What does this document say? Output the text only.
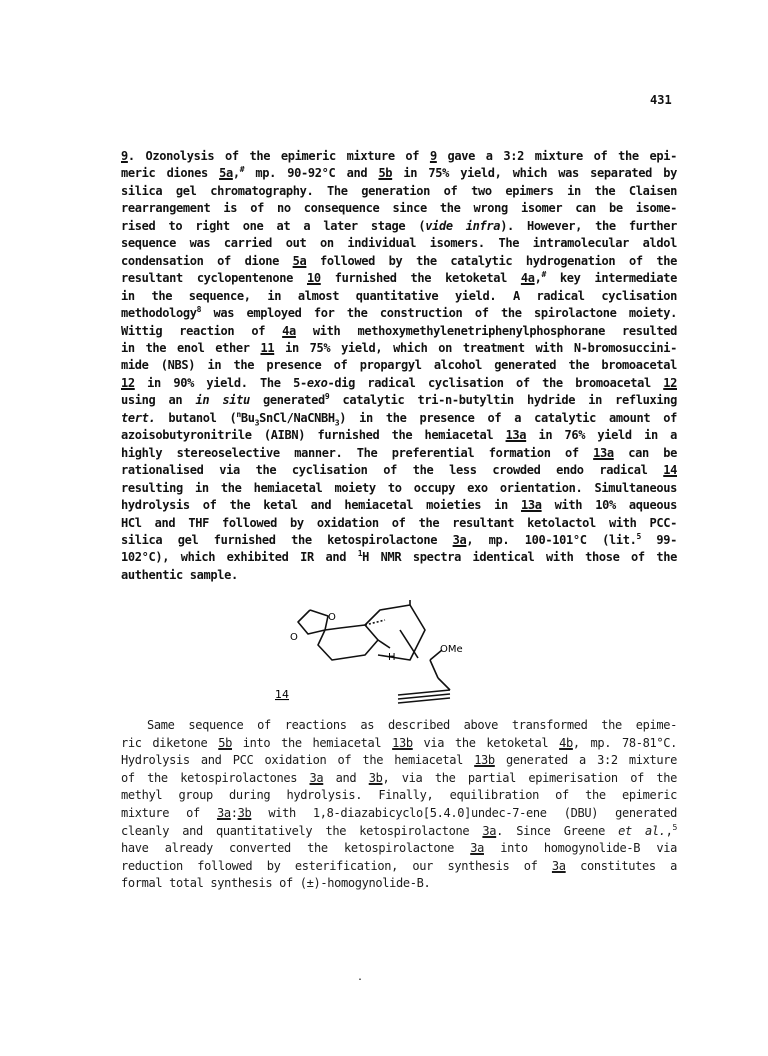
431
9. Ozonolysis of the epimeric mixture of 9 gave a 3:2 mixture of the epi-
meric diones 5a,# mp. 90-92°C and 5b in 75% yield, which was separated by
silica gel chromatography. The generation of two epimers in the Claisen
rearrangement is of no consequence since the wrong isomer can be isome-
rised to right one at a later stage (vide infra). However, the further
sequence was carried out on individual isomers. The intramolecular aldol
condensation of dione 5a followed by the catalytic hydrogenation of the
resultant cyclopentenone 10 furnished the ketoketal 4a,# key intermediate
in the sequence, in almost quantitative yield. A radical cyclisation
methodology$^8$ was employed for the construction of the spirolactone moiety.
Wittig reaction of 4a with methoxymethylenetriphenylphosphorane resulted
in the enol ether 11 in 75% yield, which on treatment with N-bromosuccini-
mide (NBS) in the presence of propargyl alcohol generated the bromoacetal
12 in 90% yield. The 5-exo-dig radical cyclisation of the bromoacetal 12
using an in situ generated$^9$ catalytic tri-n-butyltin hydride in refluxing
tert. butanol $(^nBu_3SnCl/NaCNBH_3)$ in the presence of a catalytic amount of
azoisobutyronitrile (AIBN) furnished the hemiacetal 13a in 76% yield in a
highly stereoselective manner. The preferential formation of 13a can be
rationalised via the cyclisation of the less crowded endo radical 14
resulting in the hemiacetal moiety to occupy exo orientation. Simultaneous
hydrolysis of the ketal and hemiacetal moieties in 13a with 10% aqueous
HCl and THF followed by oxidation of the resultant ketolactol with PCC-
silica gel furnished the ketospirolactone 3a, mp. 100-101°C (lit.$^5$ 99-
102°C), which exhibited IR and $^1$H NMR spectra identical with those of the
authentic sample.
O
O
H
OMe
14
Same sequence of reactions as described above transformed the epime-
ric diketone 5b into the hemiacetal 13b via the ketoketal 4b, mp. 78-81°C.
Hydrolysis and PCC oxidation of the hemiacetal 13b generated a 3:2 mixture
of the ketospirolactones 3a and 3b, via the partial epimerisation of the
methyl group during hydrolysis. Finally, equilibration of the epimeric
mixture of 3a:3b with 1,8-diazabicyclo[5.4.0]undec-7-ene (DBU) generated
cleanly and quantitatively the ketospirolactone 3a. Since Greene et al.,$^5$
have already converted the ketospirolactone 3a into homogynolide-B via
reduction followed by esterification, our synthesis of 3a constitutes a
formal total synthesis of (±)-homogynolide-B.
.
